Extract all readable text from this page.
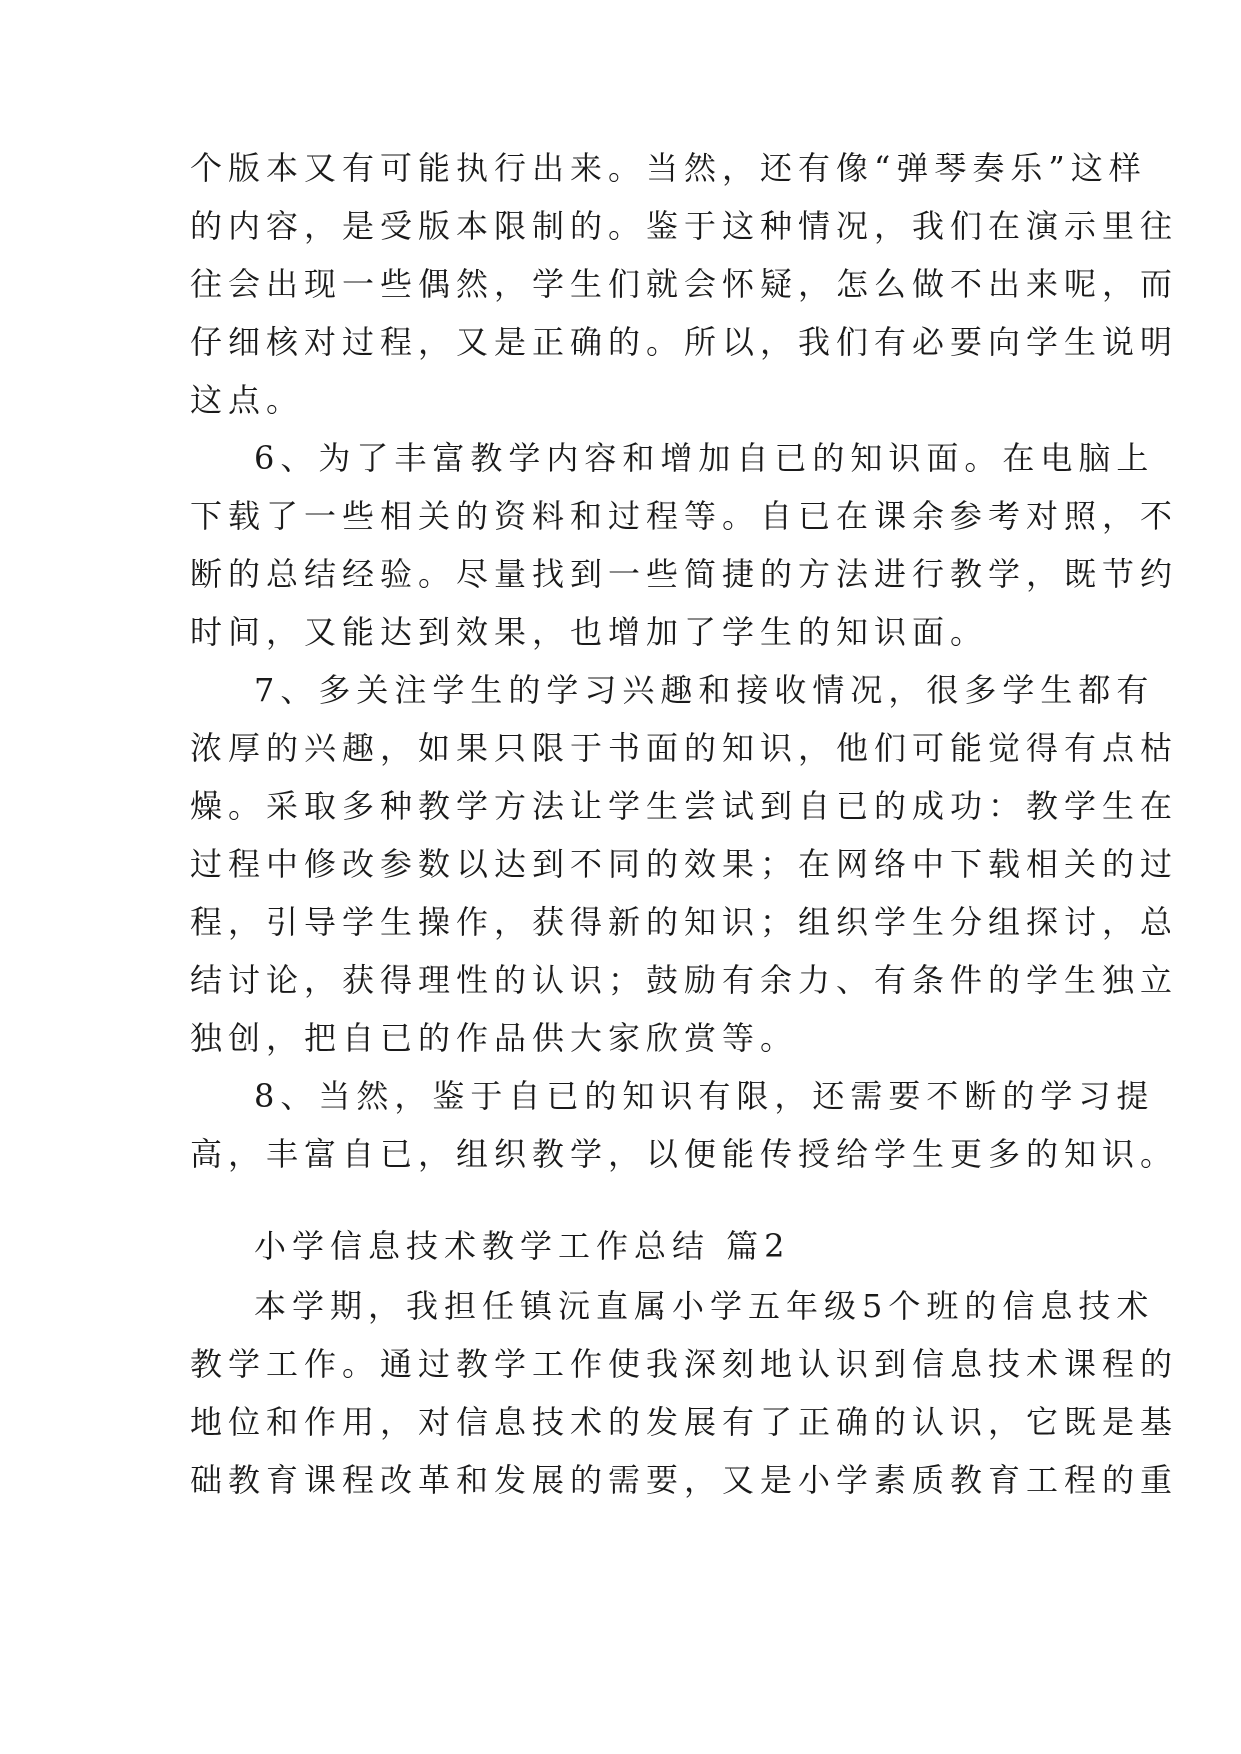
个版本又有可能执行出来。当然，还有像“弹琴奏乐”这样
的内容，是受版本限制的。鉴于这种情况，我们在演示里往
往会出现一些偶然，学生们就会怀疑，怎么做不出来呢，而
仔细核对过程，又是正确的。所以，我们有必要向学生说明
这点。
6、为了丰富教学内容和增加自已的知识面。在电脑上
下载了一些相关的资料和过程等。自已在课余参考对照，不
断的总结经验。尽量找到一些简捷的方法进行教学，既节约
时间，又能达到效果，也增加了学生的知识面。
7、多关注学生的学习兴趣和接收情况，很多学生都有
浓厚的兴趣，如果只限于书面的知识，他们可能觉得有点枯
燥。采取多种教学方法让学生尝试到自已的成功：教学生在
过程中修改参数以达到不同的效果；在网络中下载相关的过
程，引导学生操作，获得新的知识；组织学生分组探讨，总
结讨论，获得理性的认识；鼓励有余力、有条件的学生独立
独创，把自已的作品供大家欣赏等。
8、当然，鉴于自已的知识有限，还需要不断的学习提
高，丰富自已，组织教学，以便能传授给学生更多的知识。
小学信息技术教学工作总结 篇2
本学期，我担任镇沅直属小学五年级5个班的信息技术
教学工作。通过教学工作使我深刻地认识到信息技术课程的
地位和作用，对信息技术的发展有了正确的认识，它既是基
础教育课程改革和发展的需要，又是小学素质教育工程的重
